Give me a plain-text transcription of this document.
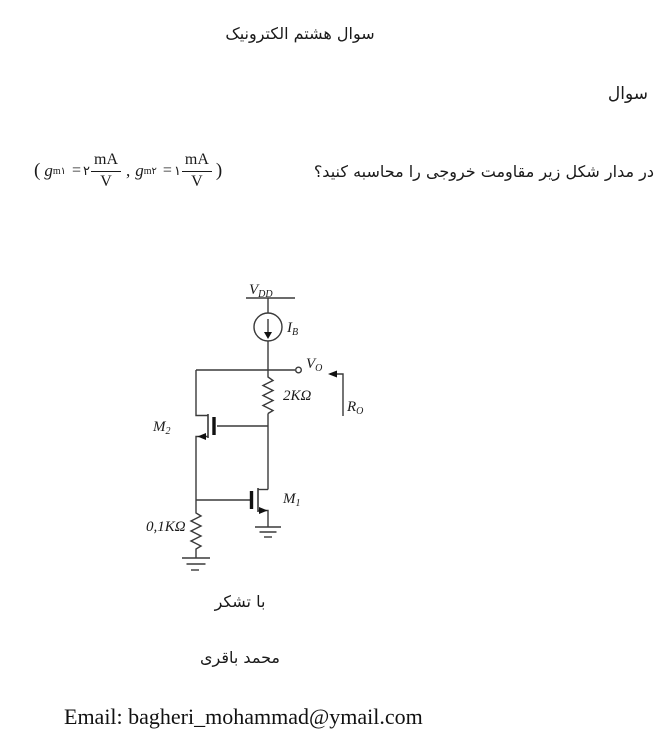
سوال هشتم الکترونیک
سوال
( g m۱ = ۲ $\frac{mA}{V}$ , g m۲ = ۱ $\frac{mA}{V}$ )	در مدار شکل زیر مقاومت خروجی را محاسبه کنید؟
$V_{DD}$
$I_B$
$V_O$
$R_O$
2KΩ
0,1KΩ
$M_2$
$M_1$
با تشکر
محمد باقری
Email: bagheri_mohammad@ymail.com
